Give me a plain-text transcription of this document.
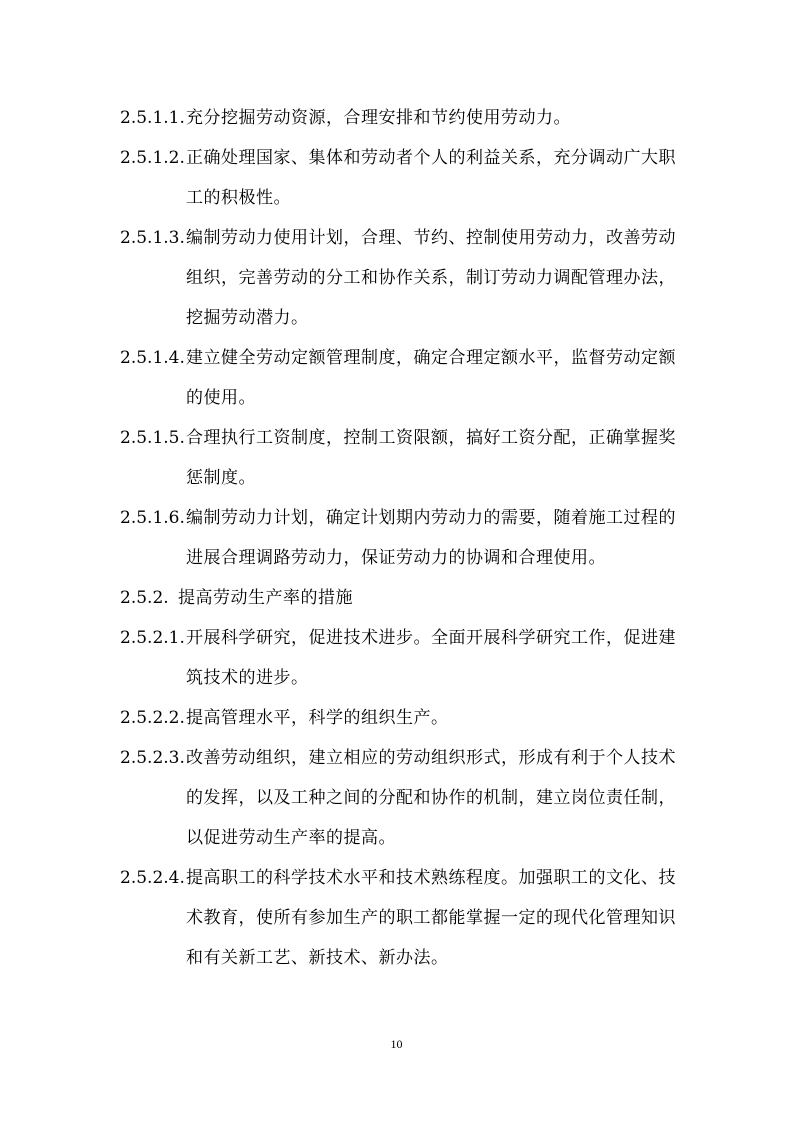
2.5.1.1. 充分挖掘劳动资源，合理安排和节约使用劳动力。
2.5.1.2. 正确处理国家、集体和劳动者个人的利益关系，充分调动广大职工的积极性。
2.5.1.3. 编制劳动力使用计划，合理、节约、控制使用劳动力，改善劳动组织，完善劳动的分工和协作关系，制订劳动力调配管理办法，挖掘劳动潜力。
2.5.1.4. 建立健全劳动定额管理制度，确定合理定额水平，监督劳动定额的使用。
2.5.1.5. 合理执行工资制度，控制工资限额，搞好工资分配，正确掌握奖惩制度。
2.5.1.6. 编制劳动力计划，确定计划期内劳动力的需要，随着施工过程的进展合理调路劳动力，保证劳动力的协调和合理使用。
2.5.2. 提高劳动生产率的措施
2.5.2.1. 开展科学研究，促进技术进步。全面开展科学研究工作，促进建筑技术的进步。
2.5.2.2. 提高管理水平，科学的组织生产。
2.5.2.3. 改善劳动组织，建立相应的劳动组织形式，形成有利于个人技术的发挥，以及工种之间的分配和协作的机制，建立岗位责任制，以促进劳动生产率的提高。
2.5.2.4. 提高职工的科学技术水平和技术熟练程度。加强职工的文化、技术教育，使所有参加生产的职工都能掌握一定的现代化管理知识和有关新工艺、新技术、新办法。
10
